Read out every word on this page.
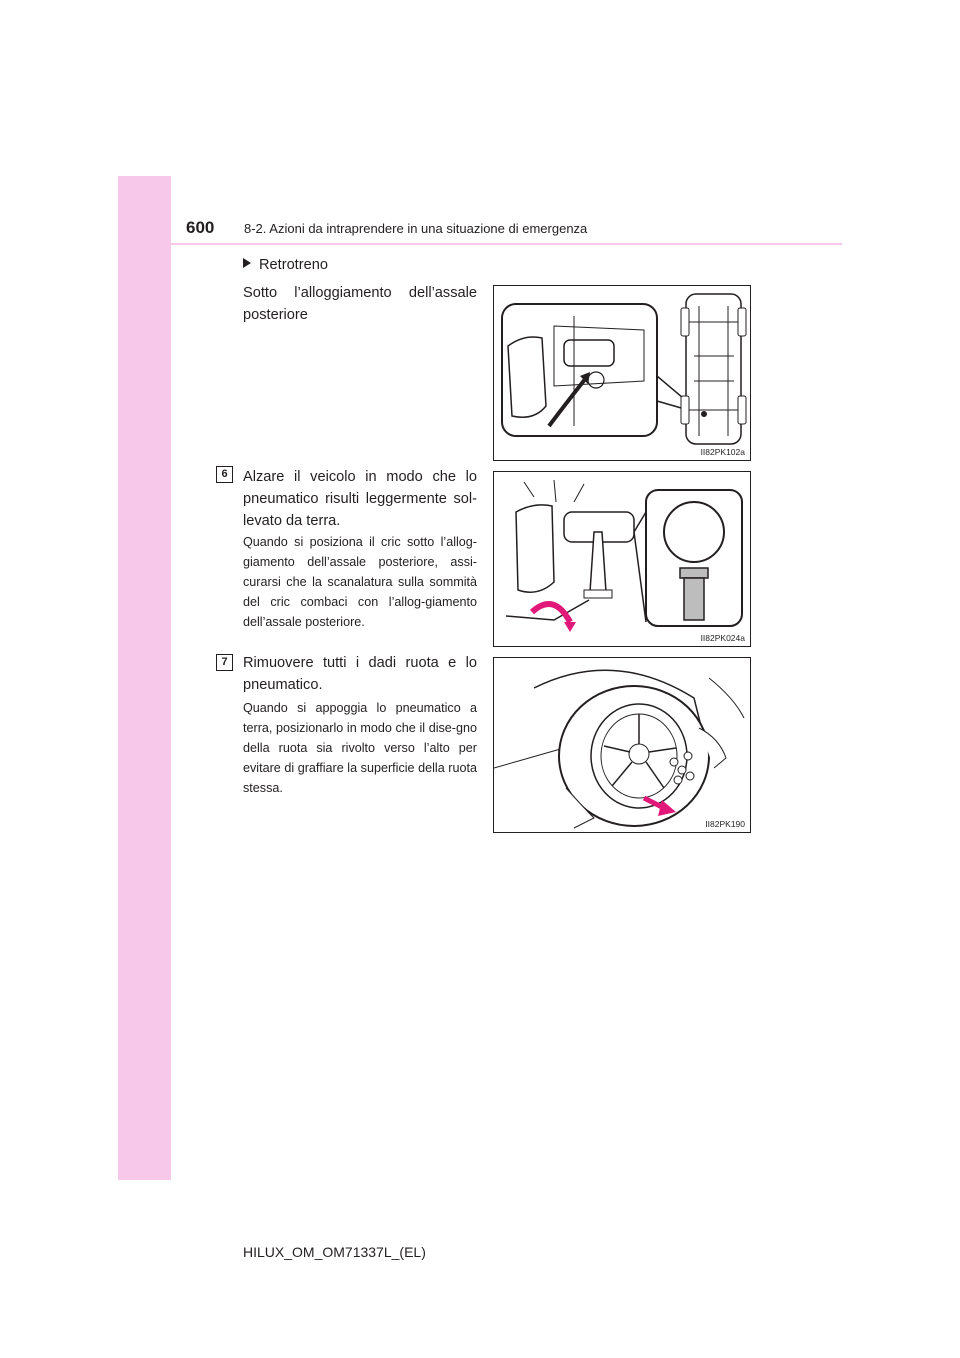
600 8-2. Azioni da intraprendere in una situazione di emergenza
Retrotreno
Sotto l’alloggiamento dell’assale posteriore
6	Alzare il veicolo in modo che lo pneumatico risulti leggermente sol-levato da terra.
Quando si posiziona il cric sotto l’allog-giamento dell’assale posteriore, assi-curarsi che la scanalatura sulla sommità del cric combaci con l’allog-giamento dell’assale posteriore.
7	Rimuovere tutti i dadi ruota e lo pneumatico.
Quando si appoggia lo pneumatico a terra, posizionarlo in modo che il dise-gno della ruota sia rivolto verso l’alto per evitare di graffiare la superficie della ruota stessa.
II82PK102a
II82PK024a
II82PK190
HILUX_OM_OM71337L_(EL)
